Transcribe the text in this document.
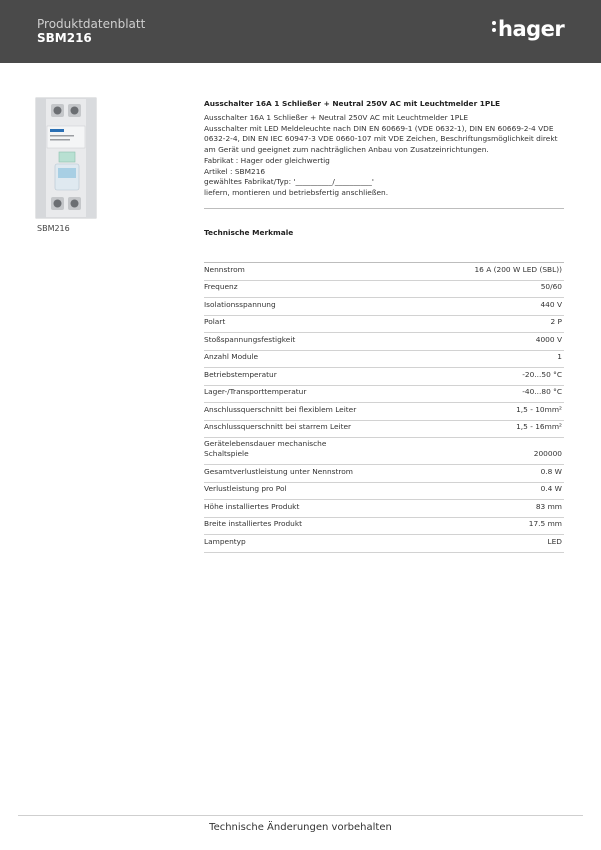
Produktdatenblatt
SBM216	hager
SBM216
Ausschalter 16A 1 Schließer + Neutral 250V AC mit Leuchtmelder 1PLE
Ausschalter 16A 1 Schließer + Neutral 250V AC mit Leuchtmelder 1PLE
Ausschalter mit LED Meldeleuchte nach DIN EN 60669-1 (VDE 0632-1), DIN EN 60669-2-4 VDE
0632-2-4, DIN EN IEC 60947-3 VDE 0660-107 mit VDE Zeichen, Beschriftungsmöglichkeit direkt
am Gerät und geeignet zum nachträglichen Anbau von Zusatzeinrichtungen.
Fabrikat : Hager oder gleichwertig
Artikel : SBM216
gewähltes Fabrikat/Typ: '__________/__________'
liefern, montieren und betriebsfertig anschließen.
Technische Merkmale
Nennstrom	16 A (200 W LED (SBL))
Frequenz	50/60
Isolationsspannung	440 V
Polart	2 P
Stoßspannungsfestigkeit	4000 V
Anzahl Module	1
Betriebstemperatur	-20...50 °C
Lager-/Transporttemperatur	-40...80 °C
Anschlussquerschnitt bei flexiblem Leiter	1,5 - 10mm²
Anschlussquerschnitt bei starrem Leiter	1,5 - 16mm²
Gerätelebensdauer mechanische Schaltspiele	200000
Gesamtverlustleistung unter Nennstrom	0.8 W
Verlustleistung pro Pol	0.4 W
Höhe installiertes Produkt	83 mm
Breite installiertes Produkt	17.5 mm
Lampentyp	LED
Technische Änderungen vorbehalten
